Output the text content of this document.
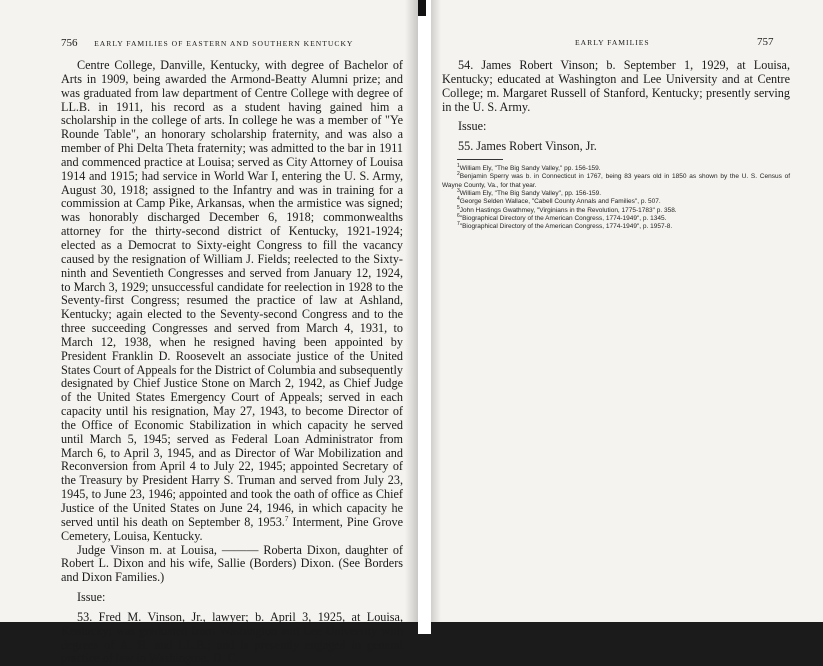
756 EARLY FAMILIES OF EASTERN AND SOUTHERN KENTUCKY

Centre College, Danville, Kentucky, with degree of Bachelor of Arts in 1909, being awarded the Armond-Beatty Alumni prize; and was graduated from law department of Centre College with degree of LL.B. in 1911, his record as a student having gained him a scholarship in the college of arts. In college he was a member of "Ye Rounde Table", an honorary scholarship fraternity, and was also a member of Phi Delta Theta fraternity; was admitted to the bar in 1911 and commenced practice at Louisa; served as City Attorney of Louisa 1914 and 1915; had service in World War I, entering the U. S. Army, August 30, 1918; assigned to the Infantry and was in training for a commission at Camp Pike, Arkansas, when the armistice was signed; was honorably discharged December 6, 1918; commonwealths attorney for the thirty-second district of Kentucky, 1921-1924; elected as a Democrat to Sixty-eight Congress to fill the vacancy caused by the resignation of William J. Fields; reelected to the Sixty-ninth and Seventieth Congresses and served from January 12, 1924, to March 3, 1929; unsuccessful candidate for reelection in 1928 to the Seventy-first Congress; resumed the practice of law at Ashland, Kentucky; again elected to the Seventy-second Congress and to the three succeeding Congresses and served from March 4, 1931, to March 12, 1938, when he resigned having been appointed by President Franklin D. Roosevelt an associate justice of the United States Court of Appeals for the District of Columbia and subsequently designated by Chief Justice Stone on March 2, 1942, as Chief Judge of the United States Emergency Court of Appeals; served in each capacity until his resignation, May 27, 1943, to become Director of the Office of Economic Stabilization in which capacity he served until March 5, 1945; served as Federal Loan Administrator from March 6, to April 3, 1945, and as Director of War Mobilization and Reconversion from April 4 to July 22, 1945; appointed Secretary of the Treasury by President Harry S. Truman and served from July 23, 1945, to June 23, 1946; appointed and took the oath of office as Chief Justice of the United States on June 24, 1946, in which capacity he served until his death on September 8, 1953.$^7$ Interment, Pine Grove Cemetery, Louisa, Kentucky.

Judge Vinson m. at Louisa, ——— Roberta Dixon, daughter of Robert L. Dixon and his wife, Sallie (Borders) Dixon. (See Borders and Dixon Families.)

Issue:

53. Fred M. Vinson, Jr., lawyer; b. April 3, 1925, at Louisa, Kentucky; was graduated from Washington and Lee University with degrees of A. B. and LL.B.; and is presently engaged in general practice of law in Washington, D. C.

EARLY FAMILIES	757

54. James Robert Vinson; b. September 1, 1929, at Louisa, Kentucky; educated at Washington and Lee University and at Centre College; m. Margaret Russell of Stanford, Kentucky; presently serving in the U. S. Army.

Issue:

55. James Robert Vinson, Jr.

$^1$William Ely, "The Big Sandy Valley," pp. 156-159.

$^2$Benjamin Sperry was b. in Connecticut in 1767, being 83 years old in 1850 as shown by the U. S. Census of Wayne County, Va., for that year.

$^3$William Ely, "The Big Sandy Valley", pp. 156-159.

$^4$George Selden Wallace, "Cabell County Annals and Families", p. 507.

$^5$John Hastings Gwathmey, "Virginians in the Revolution, 1775-1783" p. 358.

$^6$"Biographical Directory of the American Congress, 1774-1949", p. 1345.

$^7$"Biographical Directory of the American Congress, 1774-1949", p. 1957-8.
